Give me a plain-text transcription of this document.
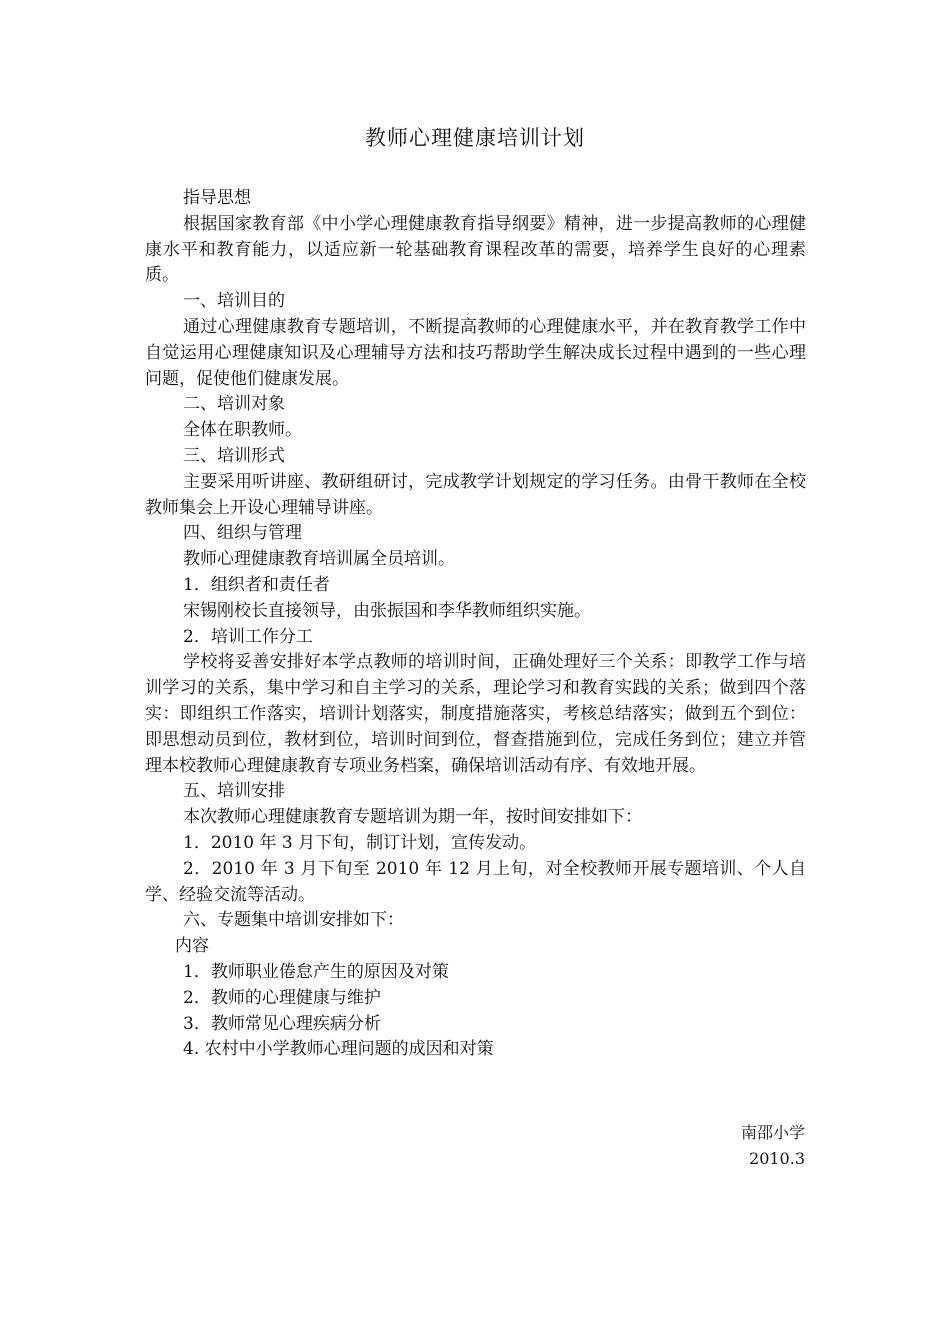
教师心理健康培训计划

指导思想

根据国家教育部《中小学心理健康教育指导纲要》精神，进一步提高教师的心理健康水平和教育能力，以适应新一轮基础教育课程改革的需要，培养学生良好的心理素质。

一、培训目的

通过心理健康教育专题培训，不断提高教师的心理健康水平，并在教育教学工作中自觉运用心理健康知识及心理辅导方法和技巧帮助学生解决成长过程中遇到的一些心理问题，促使他们健康发展。

二、培训对象

全体在职教师。

三、培训形式

主要采用听讲座、教研组研讨，完成教学计划规定的学习任务。由骨干教师在全校教师集会上开设心理辅导讲座。

四、组织与管理

教师心理健康教育培训属全员培训。

1．组织者和责任者

宋锡刚校长直接领导，由张振国和李华教师组织实施。

2．培训工作分工

学校将妥善安排好本学点教师的培训时间，正确处理好三个关系：即教学工作与培训学习的关系，集中学习和自主学习的关系，理论学习和教育实践的关系；做到四个落实：即组织工作落实，培训计划落实，制度措施落实，考核总结落实；做到五个到位：即思想动员到位，教材到位，培训时间到位，督查措施到位，完成任务到位；建立并管理本校教师心理健康教育专项业务档案，确保培训活动有序、有效地开展。

五、培训安排

本次教师心理健康教育专题培训为期一年，按时间安排如下：

1．2010 年 3 月下旬，制订计划，宣传发动。

2．2010 年 3 月下旬至 2010 年 12 月上旬，对全校教师开展专题培训、个人自学、经验交流等活动。

六、专题集中培训安排如下：

内容

1．教师职业倦怠产生的原因及对策

2．教师的心理健康与维护

3．教师常见心理疾病分析

4. 农村中小学教师心理问题的成因和对策

南邵小学

2010.3
